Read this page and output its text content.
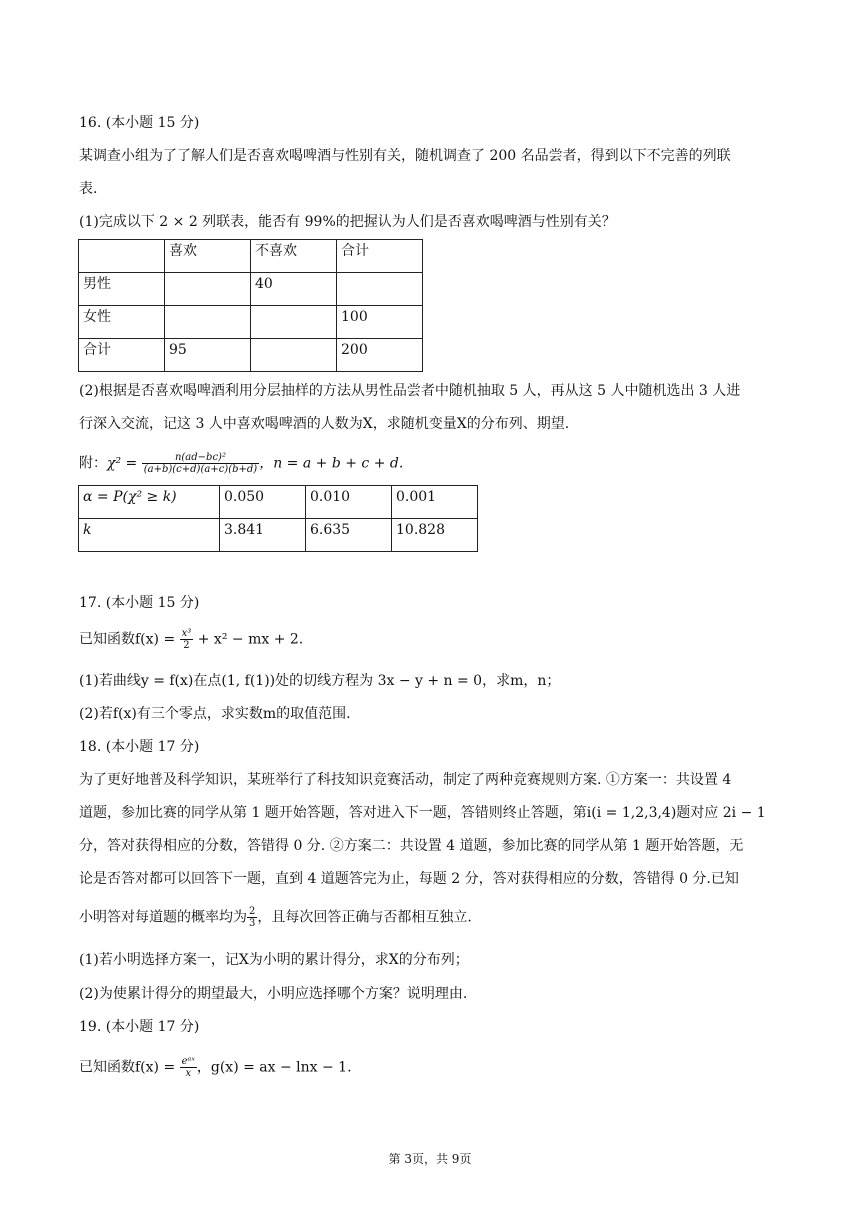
16. (本小题 15 分)
某调查小组为了了解人们是否喜欢喝啤酒与性别有关，随机调查了 200 名品尝者，得到以下不完善的列联
表.
(1)完成以下 2 × 2 列联表，能否有 99%的把握认为人们是否喜欢喝啤酒与性别有关？
	喜欢	不喜欢	合计
男性		40	
女性			100
合计	95		200
(2)根据是否喜欢喝啤酒利用分层抽样的方法从男性品尝者中随机抽取 5 人，再从这 5 人中随机选出 3 人进
行深入交流，记这 3 人中喜欢喝啤酒的人数为X，求随机变量X的分布列、期望.
附：$\chi^2 = \frac{\text{n(ad−bc)²}}{(a+b)(c+d)(a+c)(b+d)}$ ，n = a + b + c + d.
α = P(χ² ≥ k)	0.050	0.010	0.001
k	3.841	6.635	10.828
17. (本小题 15 分)
已知函数$f(x) = \frac{\text{x³}}{2} + x^2$ − mx + 2.
(1)若曲线y = f(x)在点(1, f(1))处的切线方程为 3x − y + n = 0，求m，n；
(2)若f(x)有三个零点，求实数m的取值范围.
18. (本小题 17 分)
为了更好地普及科学知识，某班举行了科技知识竞赛活动，制定了两种竞赛规则方案. ①方案一：共设置 4
道题，参加比赛的同学从第 1 题开始答题，答对进入下一题，答错则终止答题，第i(i = 1,2,3,4)题对应 2i − 1
分，答对获得相应的分数，答错得 0 分. ②方案二：共设置 4 道题，参加比赛的同学从第 1 题开始答题，无
论是否答对都可以回答下一题，直到 4 道题答完为止，每题 2 分，答对获得相应的分数，答错得 0 分.已知
小明答对每道题的概率均为 $\frac{2}{3}$ ，且每次回答正确与否都相互独立.
(1)若小明选择方案一，记X为小明的累计得分，求X的分布列；
(2)为使累计得分的期望最大，小明应选择哪个方案？说明理由.
19. (本小题 17 分)
已知函数$f(x) = \frac{\text{eᵃˣ}}{x}$ ，g(x) = ax − lnx − 1.
第 3页，共 9页
